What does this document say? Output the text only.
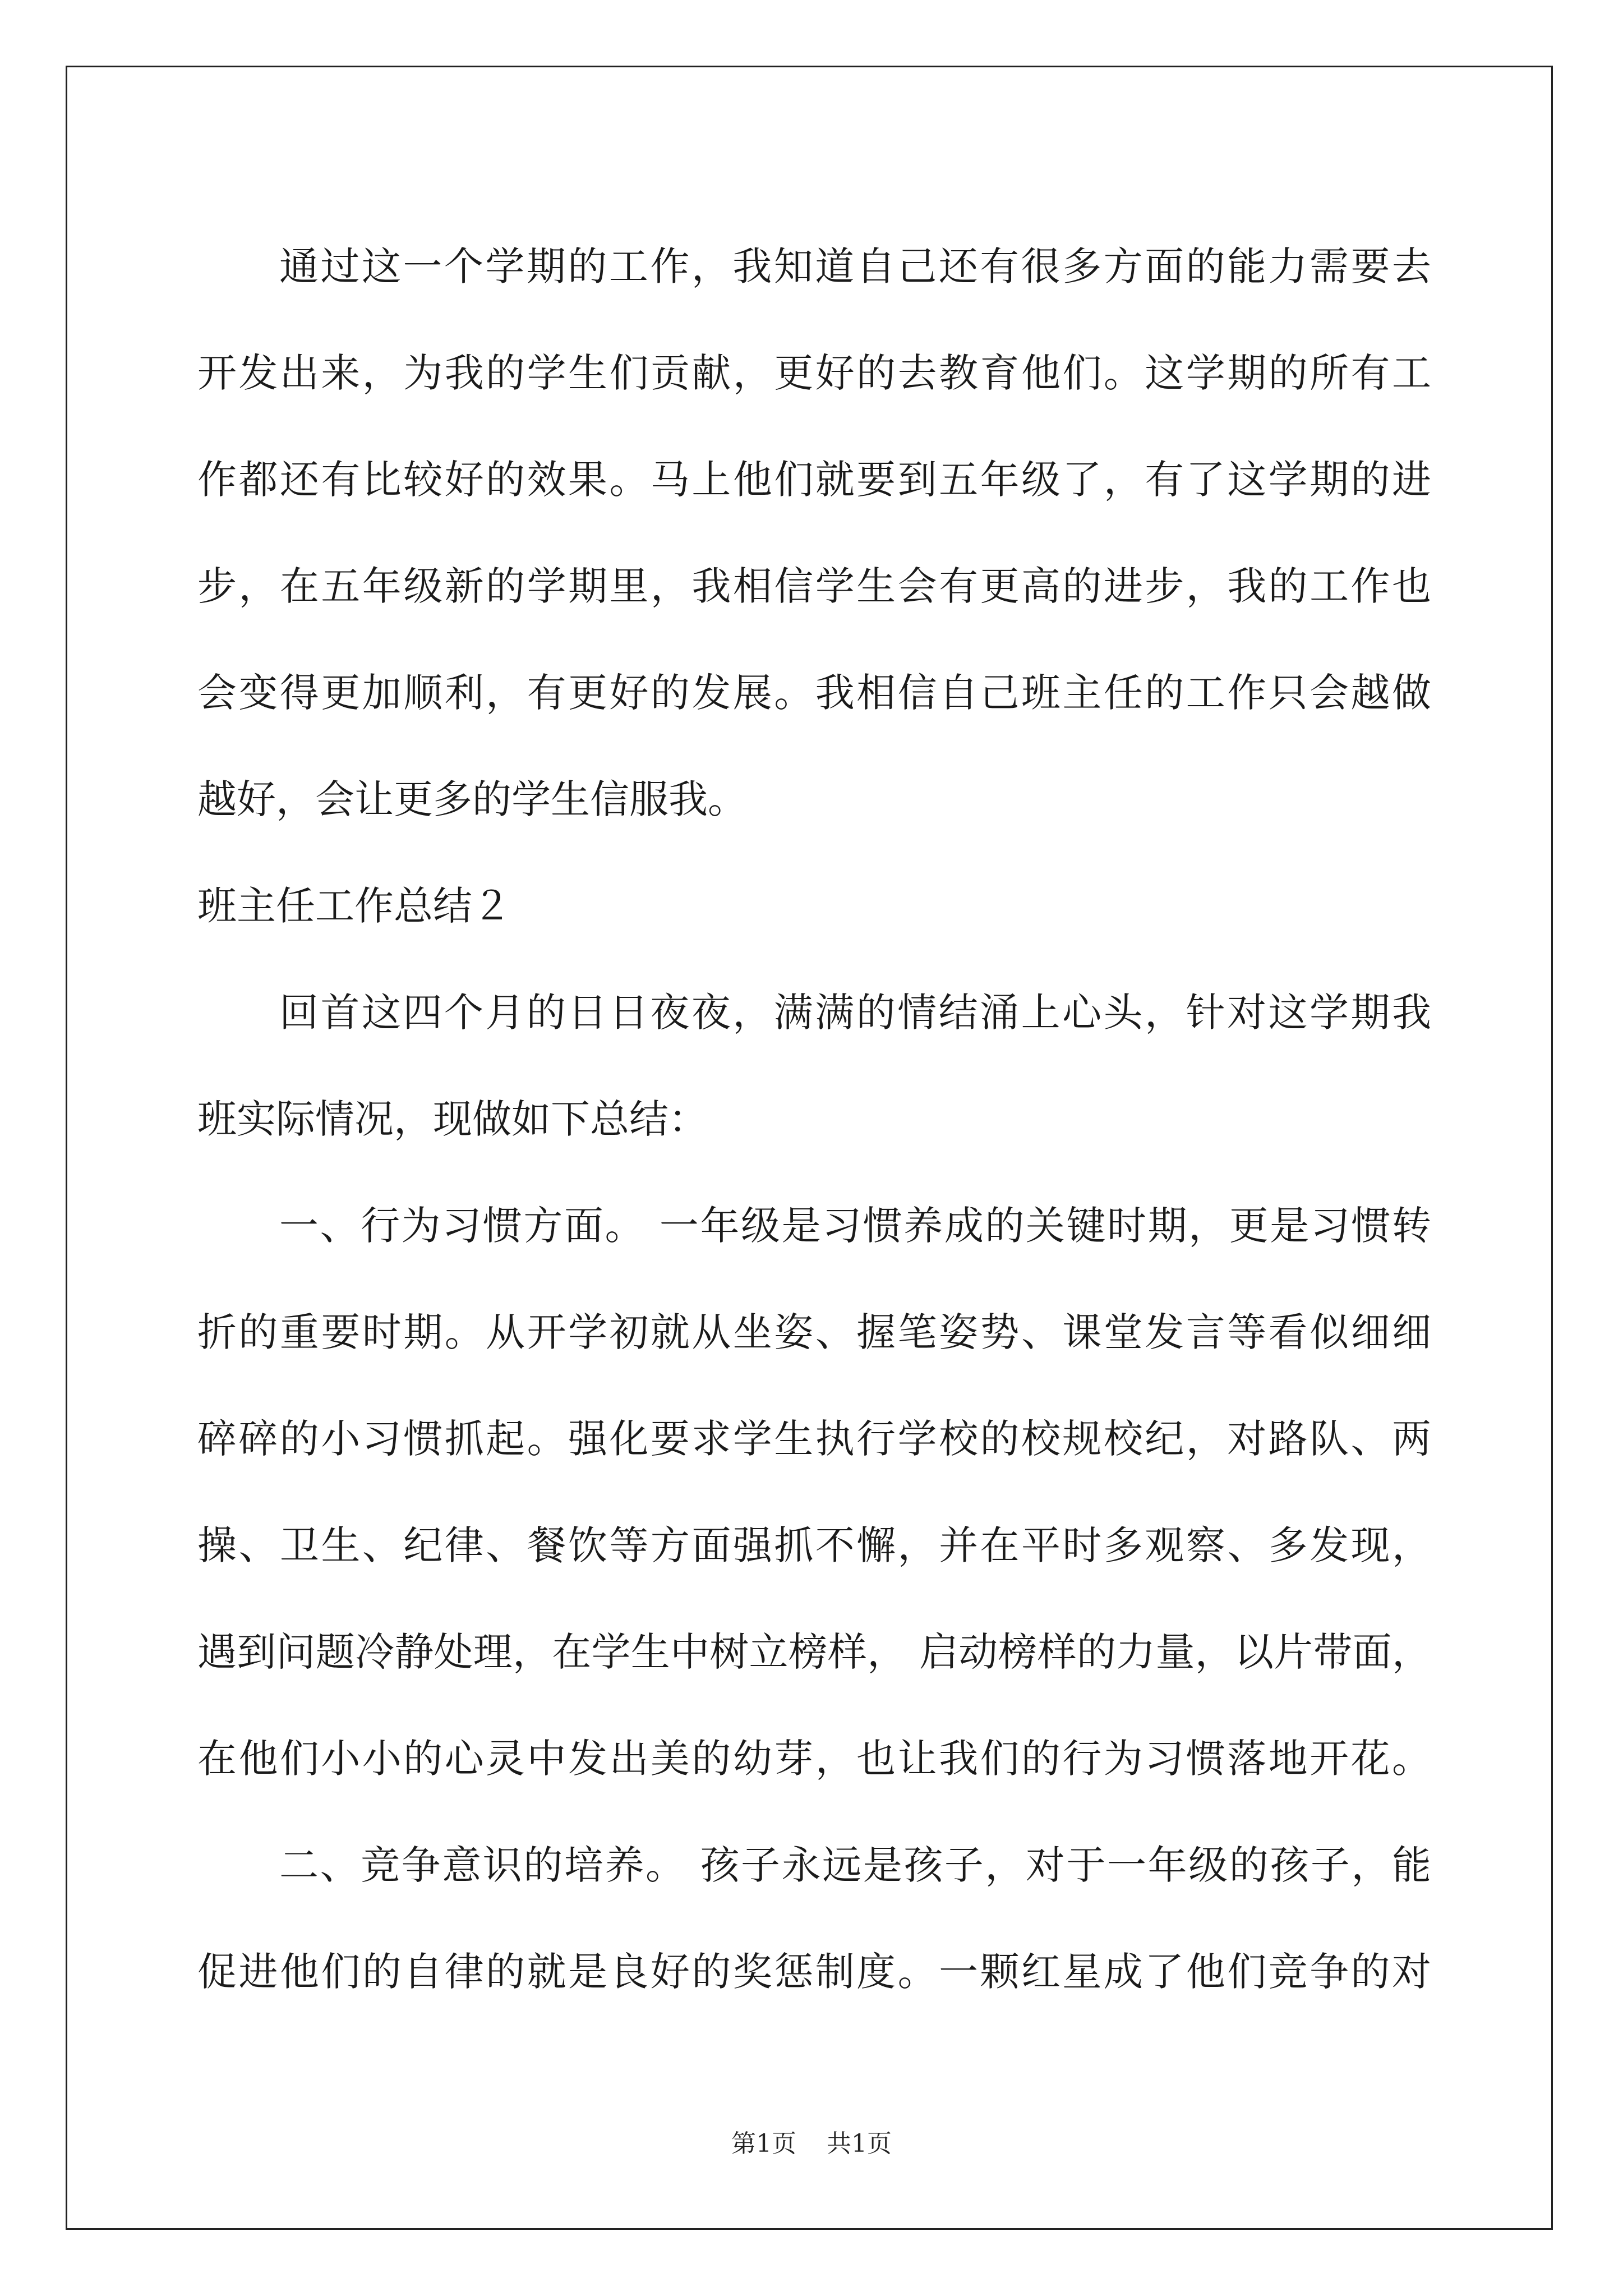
通过这一个学期的工作，我知道自己还有很多方面的能力需要去
开发出来，为我的学生们贡献，更好的去教育他们。这学期的所有工
作都还有比较好的效果。马上他们就要到五年级了，有了这学期的进
步，在五年级新的学期里，我相信学生会有更高的进步，我的工作也
会变得更加顺利，有更好的发展。我相信自己班主任的工作只会越做
越好，会让更多的学生信服我。
班主任工作总结２
回首这四个月的日日夜夜，满满的情结涌上心头，针对这学期我
班实际情况，现做如下总结：
一、行为习惯方面。 一年级是习惯养成的关键时期，更是习惯转
折的重要时期。从开学初就从坐姿、握笔姿势、课堂发言等看似细细
碎碎的小习惯抓起。强化要求学生执行学校的校规校纪，对路队、两
操、卫生、纪律、餐饮等方面强抓不懈，并在平时多观察、多发现，
遇到问题冷静处理，在学生中树立榜样， 启动榜样的力量，以片带面，
在他们小小的心灵中发出美的幼芽，也让我们的行为习惯落地开花。
二、竞争意识的培养。 孩子永远是孩子，对于一年级的孩子，能
促进他们的自律的就是良好的奖惩制度。一颗红星成了他们竞争的对
第1页 共1页
